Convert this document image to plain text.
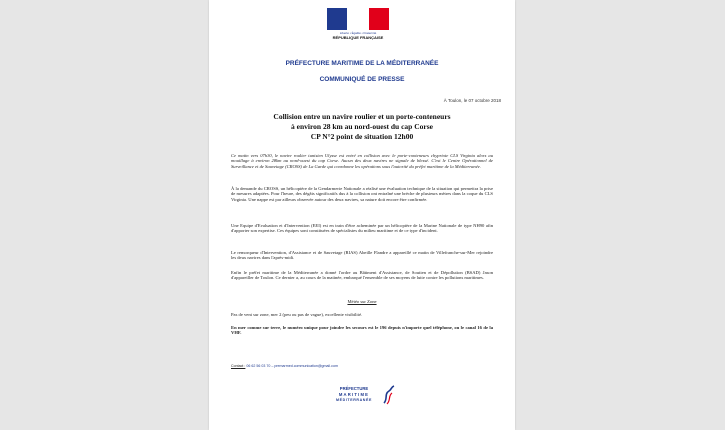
Liberté • Égalité • Fraternité
RÉPUBLIQUE FRANÇAISE
PRÉFECTURE MARITIME DE LA MÉDITERRANÉE
COMMUNIQUÉ DE PRESSE
À Toulon, le 07 octobre 2018
Collision entre un navire roulier et un porte-conteneurs
à environ 28 km au nord-ouest du cap Corse
CP N°2 point de situation 12h00
Ce matin vers 07h30, le navire roulier tunisien Ulysse est entré en collision avec le porte-conteneurs chypriote CLS Virginia alors au mouillage à environ 28km au nord-ouest du cap Corse. Aucun des deux navires ne signale de blessé. C'est le Centre Opérationnel de Surveillance et de Sauvetage (CROSS) de La Garde qui coordonne les opérations sous l'autorité du préfet maritime de la Méditerranée.
À la demande du CROSS, un hélicoptère de la Gendarmerie Nationale a réalisé une évaluation technique de la situation qui permettra la prise de mesures adaptées. Pour l'heure, des dégâts significatifs dus à la collision ont entraîné une brèche de plusieurs mètres dans la coque du CLS Virginia. Une nappe est par ailleurs observée autour des deux navires, sa nature doit encore être confirmée.
Une Equipe d'Evaluation et d'Intervention (EEI) est en train d'être acheminée par un hélicoptère de la Marine Nationale de type NH90 afin d'apporter son expertise. Ces équipes sont constituées de spécialistes du milieu maritime et de ce type d'incident.
Le remorqueur d'Intervention, d'Assistance et de Sauvetage (RIAS) Abeille Flandre a appareillé ce matin de Villefranche-sur-Mer rejoindre les deux navires dans l'après-midi.
Enfin le préfet maritime de la Méditerranée a donné l'ordre au Bâtiment d'Assistance, de Soutien et de Dépollution (BSAD) Jason d'appareiller de Toulon. Ce dernier a, au cours de la matinée, embarqué l'ensemble de ses moyens de lutte contre les pollutions maritimes.
Météo sur Zone
Pas de vent sur zone, mer 2 (peu ou pas de vague), excellente visibilité.
En mer comme sur terre, le numéro unique pour joindre les secours est le 196 depuis n'importe quel téléphone, ou le canal 16 de la VHF.
Contact : 06 62 56 03 70 – premarmed.communication@gmail.com
PRÉFECTURE
MARITIME
MÉDITERRANÉE
